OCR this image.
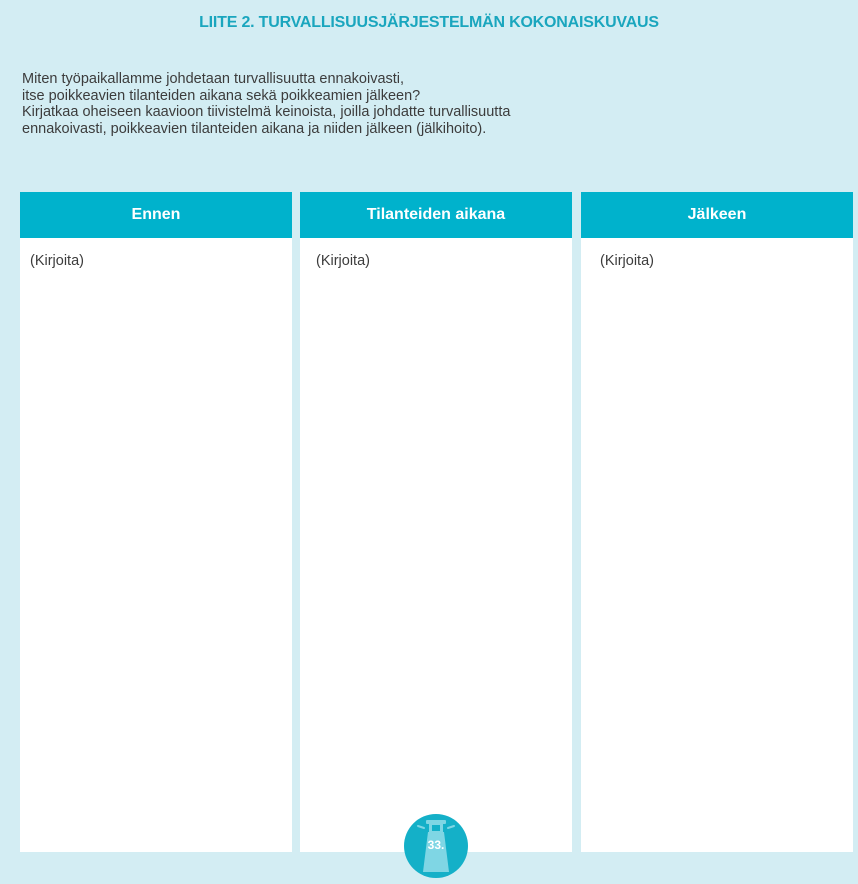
LIITE 2. TURVALLISUUSJÄRJESTELMÄN KOKONAISKUVAUS
Miten työpaikallamme johdetaan turvallisuutta ennakoivasti,
itse poikkeavien tilanteiden aikana sekä poikkeamien jälkeen?
Kirjatkaa oheiseen kaavioon tiivistelmä keinoista, joilla johdatte turvallisuutta
ennakoivasti, poikkeavien tilanteiden aikana ja niiden jälkeen (jälkihoito).
Ennen
(Kirjoita)
Tilanteiden aikana
(Kirjoita)
Jälkeen
(Kirjoita)
33.
